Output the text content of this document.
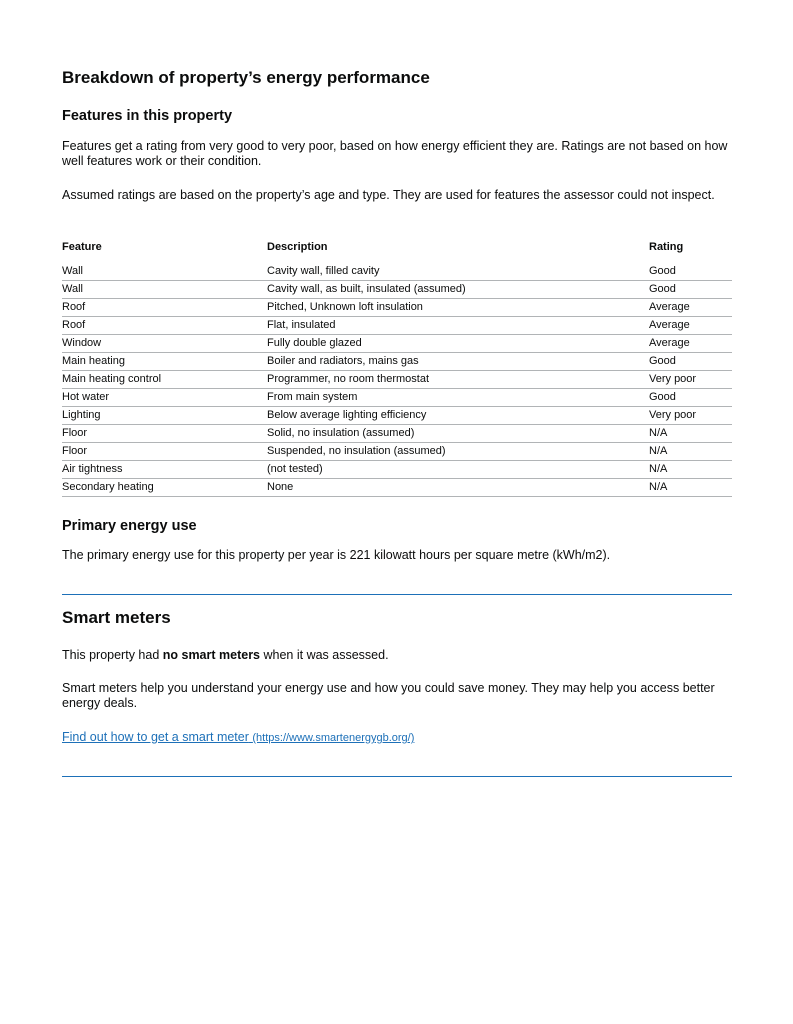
Breakdown of property’s energy performance
Features in this property

Features get a rating from very good to very poor, based on how energy efficient they are. Ratings are not based on how well features work or their condition.

Assumed ratings are based on the property’s age and type. They are used for features the assessor could not inspect.

Feature	Description	Rating
Wall	Cavity wall, filled cavity	Good
Wall	Cavity wall, as built, insulated (assumed)	Good
Roof	Pitched, Unknown loft insulation	Average
Roof	Flat, insulated	Average
Window	Fully double glazed	Average
Main heating	Boiler and radiators, mains gas	Good
Main heating control	Programmer, no room thermostat	Very poor
Hot water	From main system	Good
Lighting	Below average lighting efficiency	Very poor
Floor	Solid, no insulation (assumed)	N/A
Floor	Suspended, no insulation (assumed)	N/A
Air tightness	(not tested)	N/A
Secondary heating	None	N/A
Primary energy use

The primary energy use for this property per year is 221 kilowatt hours per square metre (kWh/m2).

Smart meters

This property had no smart meters when it was assessed.

Smart meters help you understand your energy use and how you could save money. They may help you access better energy deals.

Find out how to get a smart meter (https://www.smartenergygb.org/)
